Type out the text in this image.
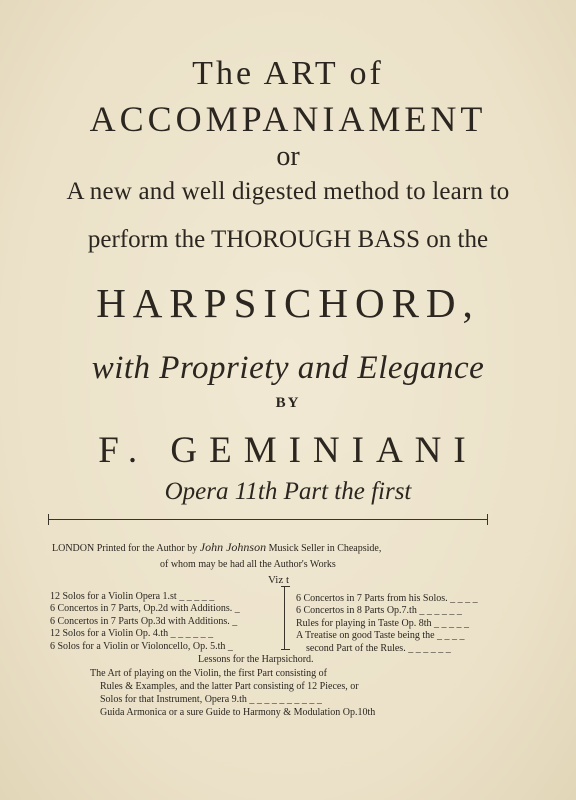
The ART of
ACCOMPANIAMENT
or
A new and well digested method to learn to
perform the THOROUGH BASS on the
HARPSICHORD,
with Propriety and Elegance
BY
F. GEMINIANI
Opera 11th Part the first
LONDON Printed for the Author by John Johnson Musick Seller in Cheapside,
of whom may be had all the Author's Works
Viz t
12 Solos for a Violin Opera 1.st _ _ _ _ _
6 Concertos in 7 Parts, Op.2d with Additions. _
6 Concertos in 7 Parts Op.3d with Additions. _
12 Solos for a Violin Op. 4.th _ _ _ _ _ _
6 Solos for a Violin or Violoncello, Op. 5.th _
6 Concertos in 7 Parts from his Solos. _ _ _ _
6 Concertos in 8 Parts Op.7.th _ _ _ _ _ _
Rules for playing in Taste Op. 8th _ _ _ _ _
A Treatise on good Taste being the _ _ _ _
second Part of the Rules. _ _ _ _ _ _
Lessons for the Harpsichord.
The Art of playing on the Violin, the first Part consisting of
Rules & Examples, and the latter Part consisting of 12 Pieces, or
Solos for that Instrument, Opera 9.th _ _ _ _ _ _ _ _ _ _
Guida Armonica or a sure Guide to Harmony & Modulation Op.10th
